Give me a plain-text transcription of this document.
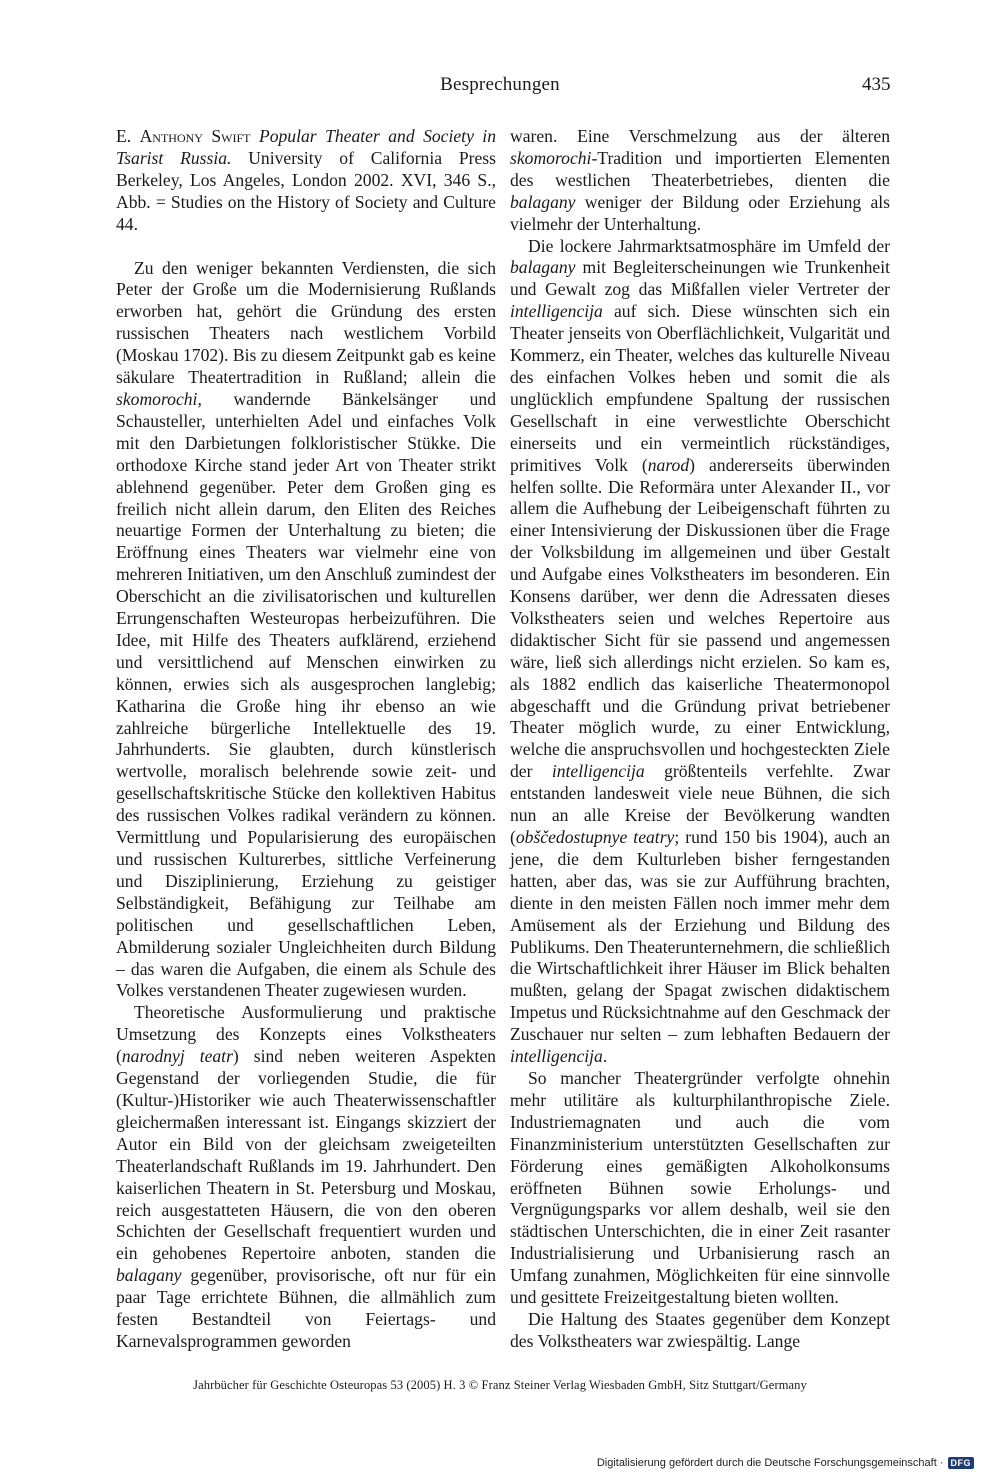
Besprechungen	435

E. Anthony Swift Popular Theater and Society in Tsarist Russia. University of California Press Berkeley, Los Angeles, London 2002. XVI, 346 S., Abb. = Studies on the History of Society and Culture 44.

Zu den weniger bekannten Verdiensten, die sich Peter der Große um die Modernisierung Rußlands erworben hat, gehört die Gründung des ersten russischen Theaters nach westlichem Vorbild (Moskau 1702). Bis zu diesem Zeitpunkt gab es keine säkulare Theatertradition in Rußland; allein die skomorochi, wandernde Bänkelsänger und Schausteller, unterhielten Adel und einfaches Volk mit den Darbietungen folkloristischer Stükke. Die orthodoxe Kirche stand jeder Art von Theater strikt ablehnend gegenüber. Peter dem Großen ging es freilich nicht allein darum, den Eliten des Reiches neuartige Formen der Unterhaltung zu bieten; die Eröffnung eines Theaters war vielmehr eine von mehreren Initiativen, um den Anschluß zumindest der Oberschicht an die zivilisatorischen und kulturellen Errungenschaften Westeuropas herbeizuführen. Die Idee, mit Hilfe des Theaters aufklärend, erziehend und versittlichend auf Menschen einwirken zu können, erwies sich als ausgesprochen langlebig; Katharina die Große hing ihr ebenso an wie zahlreiche bürgerliche Intellektuelle des 19. Jahrhunderts. Sie glaubten, durch künstlerisch wertvolle, moralisch belehrende sowie zeit- und gesellschaftskritische Stücke den kollektiven Habitus des russischen Volkes radikal verändern zu können. Vermittlung und Popularisierung des europäischen und russischen Kulturerbes, sittliche Verfeinerung und Disziplinierung, Erziehung zu geistiger Selbständigkeit, Befähigung zur Teilhabe am politischen und gesellschaftlichen Leben, Abmilderung sozialer Ungleichheiten durch Bildung – das waren die Aufgaben, die einem als Schule des Volkes verstandenen Theater zugewiesen wurden.

Theoretische Ausformulierung und praktische Umsetzung des Konzepts eines Volkstheaters (narodnyj teatr) sind neben weiteren Aspekten Gegenstand der vorliegenden Studie, die für (Kultur-)Historiker wie auch Theaterwissenschaftler gleichermaßen interessant ist. Eingangs skizziert der Autor ein Bild von der gleichsam zweigeteilten Theaterlandschaft Rußlands im 19. Jahrhundert. Den kaiserlichen Theatern in St. Petersburg und Moskau, reich ausgestatteten Häusern, die von den oberen Schichten der Gesellschaft frequentiert wurden und ein gehobenes Repertoire anboten, standen die balagany gegenüber, provisorische, oft nur für ein paar Tage errichtete Bühnen, die allmählich zum festen Bestandteil von Feiertags- und Karnevalsprogrammen geworden

waren. Eine Verschmelzung aus der älteren skomorochi-Tradition und importierten Elementen des westlichen Theaterbetriebes, dienten die balagany weniger der Bildung oder Erziehung als vielmehr der Unterhaltung.

Die lockere Jahrmarktsatmosphäre im Umfeld der balagany mit Begleiterscheinungen wie Trunkenheit und Gewalt zog das Mißfallen vieler Vertreter der intelligencija auf sich. Diese wünschten sich ein Theater jenseits von Oberflächlichkeit, Vulgarität und Kommerz, ein Theater, welches das kulturelle Niveau des einfachen Volkes heben und somit die als unglücklich empfundene Spaltung der russischen Gesellschaft in eine verwestlichte Oberschicht einerseits und ein vermeintlich rückständiges, primitives Volk (narod) andererseits überwinden helfen sollte. Die Reformära unter Alexander II., vor allem die Aufhebung der Leibeigenschaft führten zu einer Intensivierung der Diskussionen über die Frage der Volksbildung im allgemeinen und über Gestalt und Aufgabe eines Volkstheaters im besonderen. Ein Konsens darüber, wer denn die Adressaten dieses Volkstheaters seien und welches Repertoire aus didaktischer Sicht für sie passend und angemessen wäre, ließ sich allerdings nicht erzielen. So kam es, als 1882 endlich das kaiserliche Theatermonopol abgeschafft und die Gründung privat betriebener Theater möglich wurde, zu einer Entwicklung, welche die anspruchsvollen und hochgesteckten Ziele der intelligencija größtenteils verfehlte. Zwar entstanden landesweit viele neue Bühnen, die sich nun an alle Kreise der Bevölkerung wandten (obščedostupnye teatry; rund 150 bis 1904), auch an jene, die dem Kulturleben bisher ferngestanden hatten, aber das, was sie zur Aufführung brachten, diente in den meisten Fällen noch immer mehr dem Amüsement als der Erziehung und Bildung des Publikums. Den Theaterunternehmern, die schließlich die Wirtschaftlichkeit ihrer Häuser im Blick behalten mußten, gelang der Spagat zwischen didaktischem Impetus und Rücksichtnahme auf den Geschmack der Zuschauer nur selten – zum lebhaften Bedauern der intelligencija.

So mancher Theatergründer verfolgte ohnehin mehr utilitäre als kulturphilanthropische Ziele. Industriemagnaten und auch die vom Finanzministerium unterstützten Gesellschaften zur Förderung eines gemäßigten Alkoholkonsums eröffneten Bühnen sowie Erholungs- und Vergnügungsparks vor allem deshalb, weil sie den städtischen Unterschichten, die in einer Zeit rasanter Industrialisierung und Urbanisierung rasch an Umfang zunahmen, Möglichkeiten für eine sinnvolle und gesittete Freizeitgestaltung bieten wollten.

Die Haltung des Staates gegenüber dem Konzept des Volkstheaters war zwiespältig. Lange

Jahrbücher für Geschichte Osteuropas 53 (2005) H. 3 © Franz Steiner Verlag Wiesbaden GmbH, Sitz Stuttgart/Germany
Digitalisierung gefördert durch die Deutsche Forschungsgemeinschaft · DFG
